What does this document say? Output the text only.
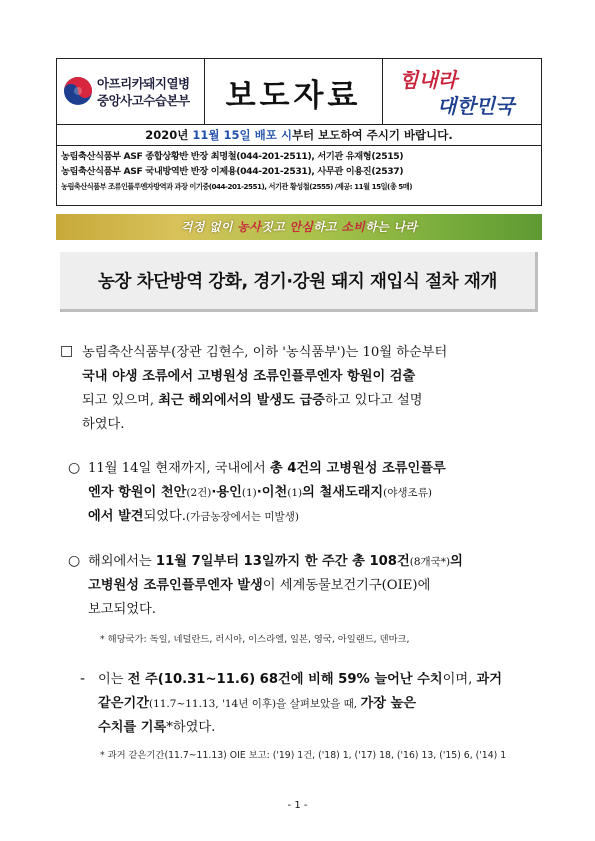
아프리카돼지열병
중앙사고수습본부 보도자료 힘내라
대한민국
2020년 11월 15일 배포 시부터 보도하여 주시기 바랍니다.
농림축산식품부 ASF 종합상황반 반장 최명철(044-201-2511), 서기관 유재형(2515)
농림축산식품부 ASF 국내방역반 반장 이제용(044-201-2531), 사무관 이용진(2537)
농림축산식품부 조류인플루엔자방역과 과장 이기중(044-201-2551), 서기관 황성철(2555) /제공: 11월 15일(총 5매)
걱정 없이 농사짓고 안심하고 소비하는 나라
농장 차단방역 강화, 경기·강원 돼지 재입식 절차 재개
□ 농림축산식품부(장관 김현수, 이하 '농식품부')는 10월 하순부터
국내 야생 조류에서 고병원성 조류인플루엔자 항원이 검출
되고 있으며, 최근 해외에서의 발생도 급증하고 있다고 설명
하였다.
○ 11월 14일 현재까지, 국내에서 총 4건의 고병원성 조류인플루
엔자 항원이 천안(2건)·용인(1)·이천(1)의 철새도래지(야생조류)
에서 발견되었다.(가금농장에서는 미발생)
○ 해외에서는 11월 7일부터 13일까지 한 주간 총 108건(8개국*)의
고병원성 조류인플루엔자 발생이 세계동물보건기구(OIE)에
보고되었다.
* 해당국가: 독일, 네덜란드, 러시아, 이스라엘, 일본, 영국, 아일랜드, 덴마크,
- 이는 전 주(10.31~11.6) 68건에 비해 59% 늘어난 수치이며, 과거
같은기간(11.7~11.13, '14년 이후)을 살펴보았을 때, 가장 높은
수치를 기록*하였다.
* 과거 같은기간(11.7~11.13) OIE 보고: ('19) 1건, ('18) 1, ('17) 18, ('16) 13, ('15) 6, ('14) 1
- 1 -
